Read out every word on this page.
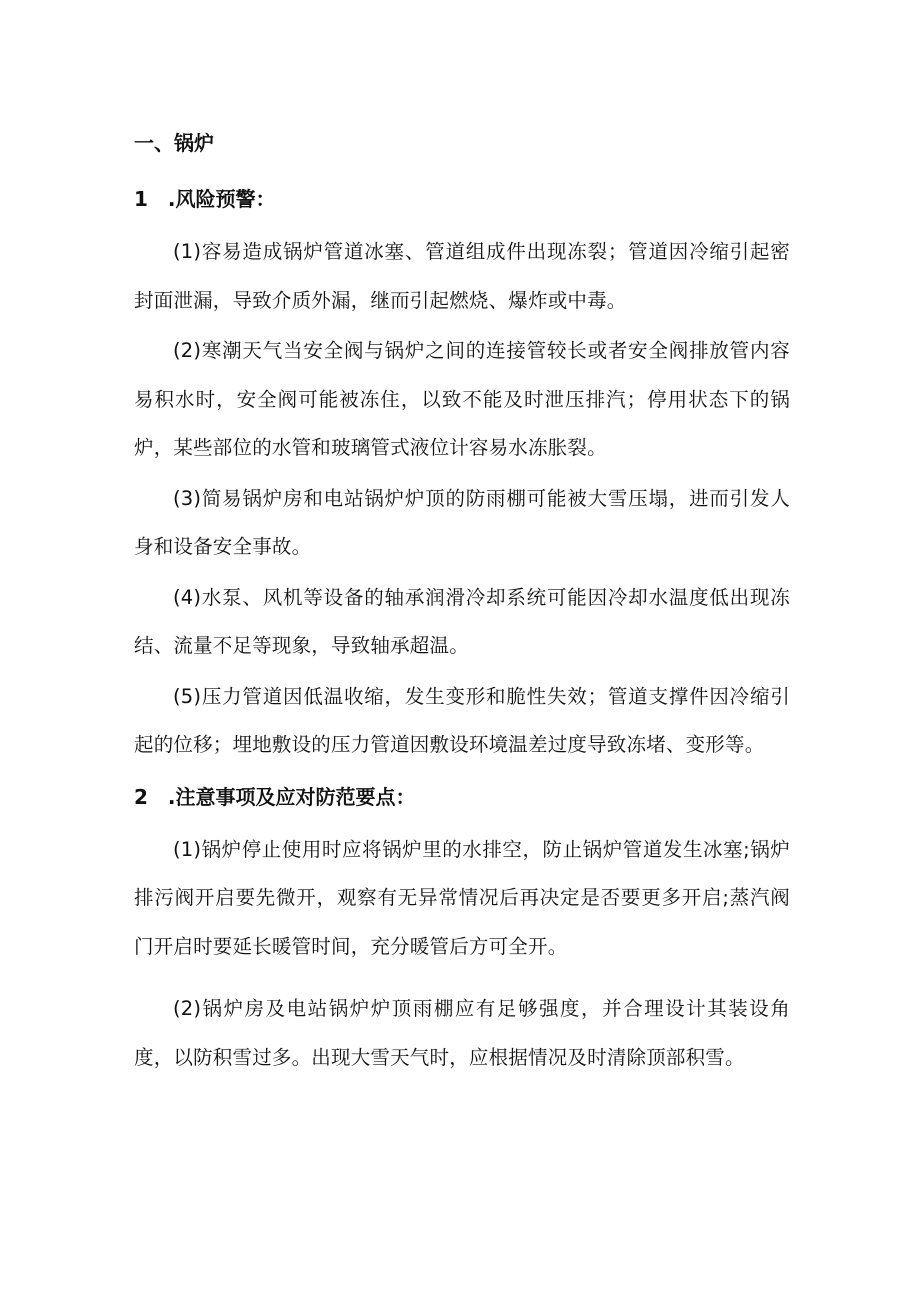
一、锅炉
1　.风险预警：

(1)容易造成锅炉管道冰塞、管道组成件出现冻裂；管道因冷缩引起密封面泄漏，导致介质外漏，继而引起燃烧、爆炸或中毒。

(2)寒潮天气当安全阀与锅炉之间的连接管较长或者安全阀排放管内容易积水时，安全阀可能被冻住，以致不能及时泄压排汽；停用状态下的锅炉，某些部位的水管和玻璃管式液位计容易水冻胀裂。

(3)简易锅炉房和电站锅炉炉顶的防雨棚可能被大雪压塌，进而引发人身和设备安全事故。

(4)水泵、风机等设备的轴承润滑冷却系统可能因冷却水温度低出现冻结、流量不足等现象，导致轴承超温。

(5)压力管道因低温收缩，发生变形和脆性失效；管道支撑件因冷缩引起的位移；埋地敷设的压力管道因敷设环境温差过度导致冻堵、变形等。

2　.注意事项及应对防范要点：

(1)锅炉停止使用时应将锅炉里的水排空，防止锅炉管道发生冰塞;锅炉排污阀开启要先微开，观察有无异常情况后再决定是否要更多开启;蒸汽阀门开启时要延长暖管时间，充分暖管后方可全开。

(2)锅炉房及电站锅炉炉顶雨棚应有足够强度，并合理设计其装设角度，以防积雪过多。出现大雪天气时，应根据情况及时清除顶部积雪。
